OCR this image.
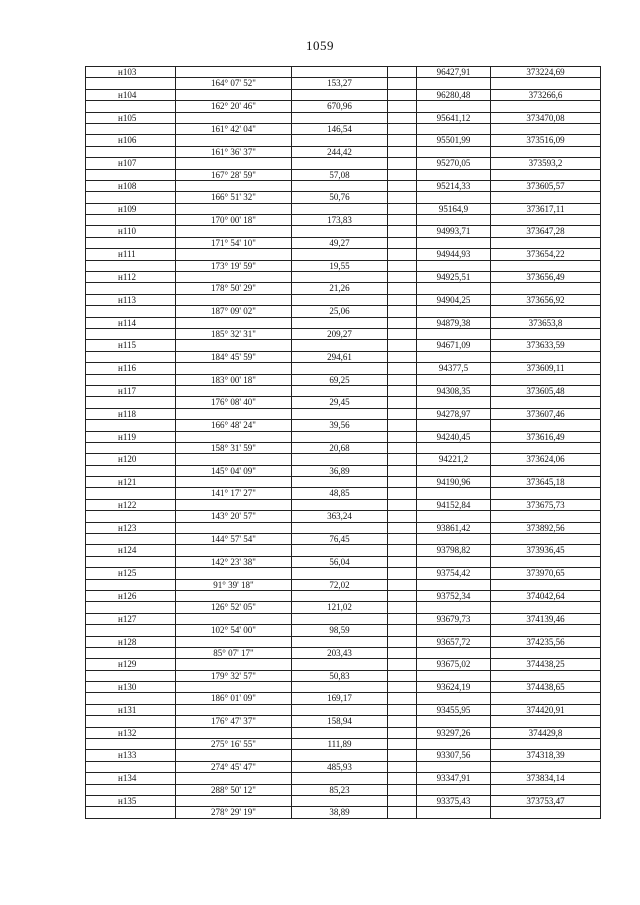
1059
н103	96427,91	373224,69
164° 07' 52"	153,27
н104	96280,48	373266,6
162° 20' 46"	670,96
н105	95641,12	373470,08
161° 42' 04"	146,54
н106	95501,99	373516,09
161° 36' 37"	244,42
н107	95270,05	373593,2
167° 28' 59"	57,08
н108	95214,33	373605,57
166° 51' 32"	50,76
н109	95164,9	373617,11
170° 00' 18"	173,83
н110	94993,71	373647,28
171° 54' 10"	49,27
н111	94944,93	373654,22
173° 19' 59"	19,55
н112	94925,51	373656,49
178° 50' 29"	21,26
н113	94904,25	373656,92
187° 09' 02"	25,06
н114	94879,38	373653,8
185° 32' 31"	209,27
н115	94671,09	373633,59
184° 45' 59"	294,61
н116	94377,5	373609,11
183° 00' 18"	69,25
н117	94308,35	373605,48
176° 08' 40"	29,45
н118	94278,97	373607,46
166° 48' 24"	39,56
н119	94240,45	373616,49
158° 31' 59"	20,68
н120	94221,2	373624,06
145° 04' 09"	36,89
н121	94190,96	373645,18
141° 17' 27"	48,85
н122	94152,84	373675,73
143° 20' 57"	363,24
н123	93861,42	373892,56
144° 57' 54"	76,45
н124	93798,82	373936,45
142° 23' 38"	56,04
н125	93754,42	373970,65
91° 39' 18"	72,02
н126	93752,34	374042,64
126° 52' 05"	121,02
н127	93679,73	374139,46
102° 54' 00"	98,59
н128	93657,72	374235,56
85° 07' 17"	203,43
н129	93675,02	374438,25
179° 32' 57"	50,83
н130	93624,19	374438,65
186° 01' 09"	169,17
н131	93455,95	374420,91
176° 47' 37"	158,94
н132	93297,26	374429,8
275° 16' 55"	111,89
н133	93307,56	374318,39
274° 45' 47"	485,93
н134	93347,91	373834,14
288° 50' 12"	85,23
н135	93375,43	373753,47
278° 29' 19"	38,89
